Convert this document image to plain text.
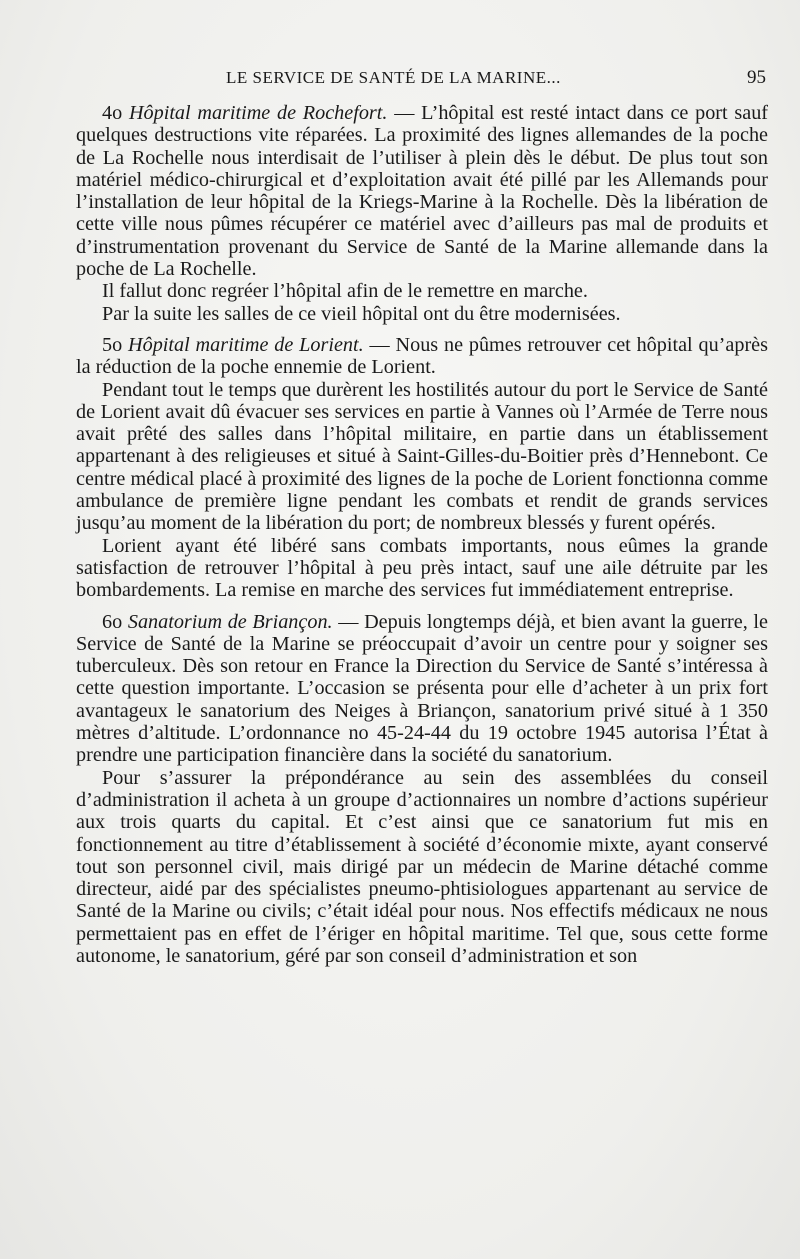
LE SERVICE DE SANTÉ DE LA MARINE...	95

4o Hôpital maritime de Rochefort. — L’hôpital est resté intact dans ce port sauf quelques destructions vite réparées. La proximité des lignes allemandes de la poche de La Rochelle nous interdisait de l’utiliser à plein dès le début. De plus tout son matériel médico-chirurgical et d’exploitation avait été pillé par les Allemands pour l’installation de leur hôpital de la Kriegs-Marine à la Rochelle. Dès la libération de cette ville nous pûmes récupérer ce matériel avec d’ailleurs pas mal de produits et d’instrumentation provenant du Service de Santé de la Marine allemande dans la poche de La Rochelle.

Il fallut donc regréer l’hôpital afin de le remettre en marche.

Par la suite les salles de ce vieil hôpital ont du être modernisées.

5o Hôpital maritime de Lorient. — Nous ne pûmes retrouver cet hôpital qu’après la réduction de la poche ennemie de Lorient.

Pendant tout le temps que durèrent les hostilités autour du port le Service de Santé de Lorient avait dû évacuer ses services en partie à Vannes où l’Armée de Terre nous avait prêté des salles dans l’hôpital militaire, en partie dans un établissement appartenant à des religieuses et situé à Saint-Gilles-du-Boitier près d’Hennebont. Ce centre médical placé à proximité des lignes de la poche de Lorient fonctionna comme ambulance de première ligne pendant les combats et rendit de grands services jusqu’au moment de la libération du port; de nombreux blessés y furent opérés.

Lorient ayant été libéré sans combats importants, nous eûmes la grande satisfaction de retrouver l’hôpital à peu près intact, sauf une aile détruite par les bombardements. La remise en marche des services fut immédiatement entreprise.

6o Sanatorium de Briançon. — Depuis longtemps déjà, et bien avant la guerre, le Service de Santé de la Marine se préoccupait d’avoir un centre pour y soigner ses tuberculeux. Dès son retour en France la Direction du Service de Santé s’intéressa à cette question importante. L’occasion se présenta pour elle d’acheter à un prix fort avantageux le sanatorium des Neiges à Briançon, sanatorium privé situé à 1 350 mètres d’altitude. L’ordonnance no 45-24-44 du 19 octobre 1945 autorisa l’État à prendre une participation financière dans la société du sanatorium.

Pour s’assurer la prépondérance au sein des assemblées du conseil d’administration il acheta à un groupe d’actionnaires un nombre d’actions supérieur aux trois quarts du capital. Et c’est ainsi que ce sanatorium fut mis en fonctionnement au titre d’établissement à société d’économie mixte, ayant conservé tout son personnel civil, mais dirigé par un médecin de Marine détaché comme directeur, aidé par des spécialistes pneumo-phtisiologues appartenant au service de Santé de la Marine ou civils; c’était idéal pour nous. Nos effectifs médicaux ne nous permettaient pas en effet de l’ériger en hôpital maritime. Tel que, sous cette forme autonome, le sanatorium, géré par son conseil d’administration et son
